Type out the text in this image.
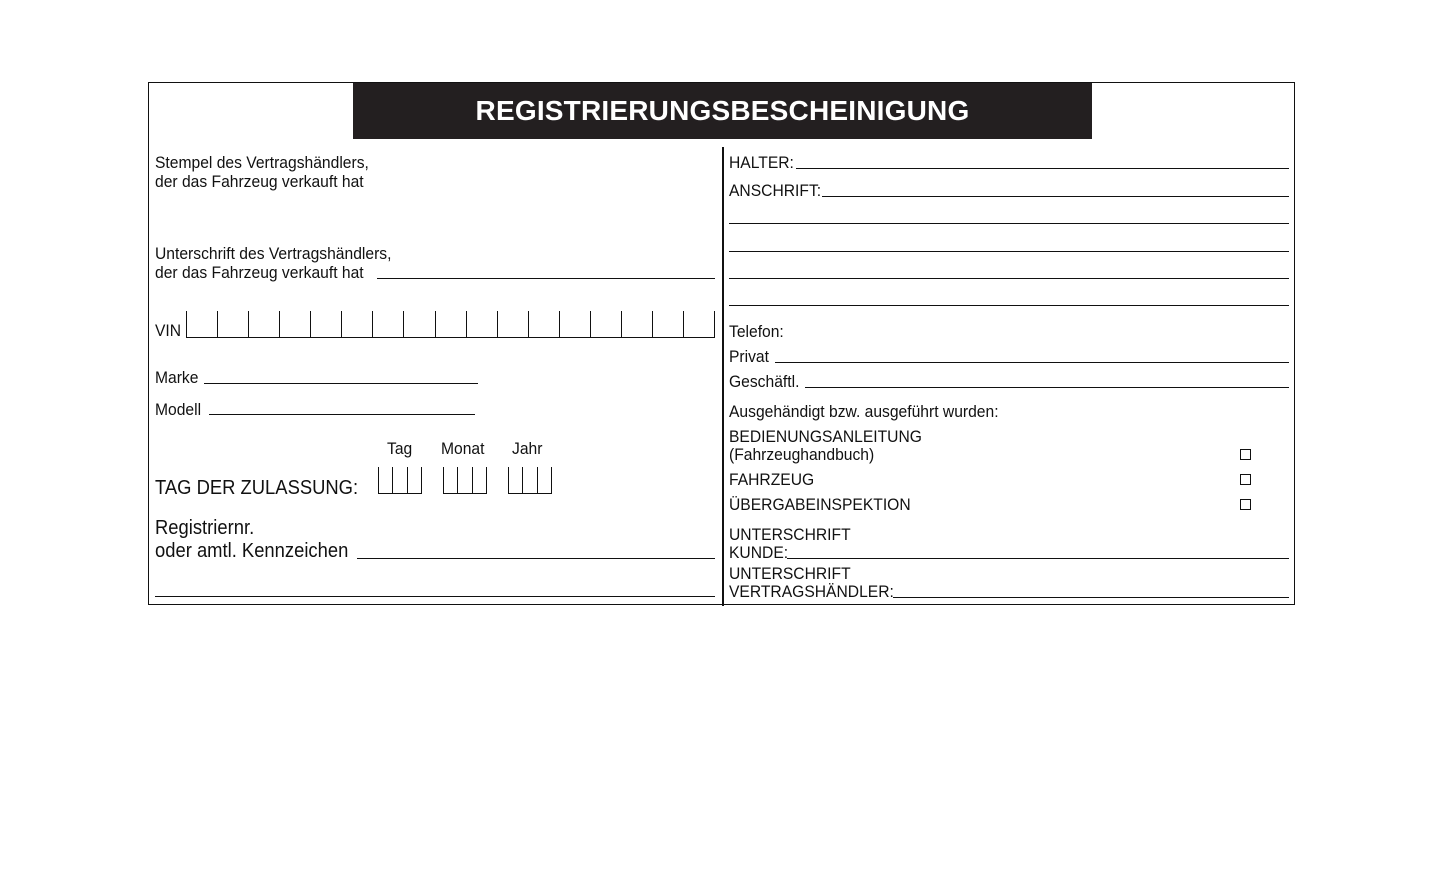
REGISTRIERUNGSBESCHEINIGUNG
Stempel des Vertragshändlers,
der das Fahrzeug verkauft hat
Unterschrift des Vertragshändlers,
der das Fahrzeug verkauft hat
VIN
Marke
Modell
Tag Monat Jahr
TAG DER ZULASSUNG:
Registriernr.
oder amtl. Kennzeichen
HALTER:
ANSCHRIFT:
Telefon:
Privat
Geschäftl.
Ausgehändigt bzw. ausgeführt wurden:
BEDIENUNGSANLEITUNG
(Fahrzeughandbuch)
FAHRZEUG
ÜBERGABEINSPEKTION
UNTERSCHRIFT
KUNDE:
UNTERSCHRIFT
VERTRAGSHÄNDLER:
